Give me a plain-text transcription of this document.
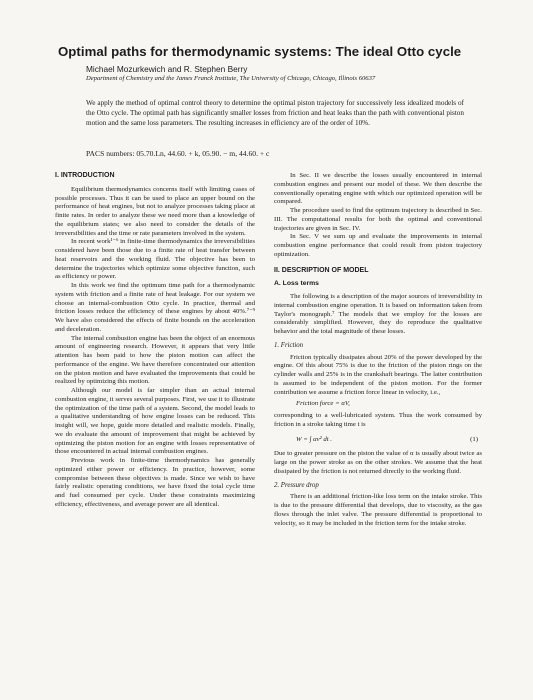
Optimal paths for thermodynamic systems: The ideal Otto cycle
Michael Mozurkewich and R. Stephen Berry
Department of Chemistry and the James Franck Institute, The University of Chicago, Chicago, Illinois 60637
We apply the method of optimal control theory to determine the optimal piston trajectory for successively less idealized models of the Otto cycle. The optimal path has significantly smaller losses from friction and heat leaks than the path with conventional piston motion and the same loss parameters. The resulting increases in efficiency are of the order of 10%.
PACS numbers: 05.70.Ln, 44.60. + k, 05.90. − m, 44.60. + c
I. INTRODUCTION

Equilibrium thermodynamics concerns itself with limiting cases of possible processes. Thus it can be used to place an upper bound on the performance of heat engines, but not to analyze processes taking place at finite rates. In order to analyze these we need more than a knowledge of the equilibrium states; we also need to consider the details of the irreversibilities and the time or rate parameters involved in the system.

In recent work¹⁻⁶ in finite-time thermodynamics the irreversibilities considered have been those due to a finite rate of heat transfer between heat reservoirs and the working fluid. The objective has been to determine the trajectories which optimize some objective function, such as efficiency or power.

In this work we find the optimum time path for a thermodynamic system with friction and a finite rate of heat leakage. For our system we choose an internal-combustion Otto cycle. In practice, thermal and friction losses reduce the efficiency of these engines by about 40%.⁷⁻⁹ We have also considered the effects of finite bounds on the acceleration and deceleration.

The internal combustion engine has been the object of an enormous amount of engineering research. However, it appears that very little attention has been paid to how the piston motion can affect the performance of the engine. We have therefore concentrated our attention on the piston motion and have evaluated the improvements that could be realized by optimizing this motion.

Although our model is far simpler than an actual internal combustion engine, it serves several purposes. First, we use it to illustrate the optimization of the time path of a system. Second, the model leads to a qualitative understanding of how engine losses can be reduced. This insight will, we hope, guide more detailed and realistic models. Finally, we do evaluate the amount of improvement that might be achieved by optimizing the piston motion for an engine with losses representative of those encountered in actual internal combustion engines.

Previous work in finite-time thermodynamics has generally optimized either power or efficiency. In practice, however, some compromise between these objectives is made. Since we wish to have fairly realistic operating conditions, we have fixed the total cycle time and fuel consumed per cycle. Under these constraints maximizing efficiency, effectiveness, and average power are all identical.

In Sec. II we describe the losses usually encountered in internal combustion engines and present our model of these. We then describe the conventionally operating engine with which our optimized operation will be compared.

The procedure used to find the optimum trajectory is described in Sec. III. The computational results for both the optimal and conventional trajectories are given in Sec. IV.

In Sec. V we sum up and evaluate the improvements in internal combustion engine performance that could result from piston trajectory optimization.

II. DESCRIPTION OF MODEL
A. Loss terms

The following is a description of the major sources of irreversibility in internal combustion engine operation. It is based on information taken from Taylor's monograph.⁷ The models that we employ for the losses are considerably simplified. However, they do reproduce the qualitative behavior and the total magnitude of these losses.

1. Friction

Friction typically dissipates about 20% of the power developed by the engine. Of this about 75% is due to the friction of the piston rings on the cylinder walls and 25% is in the crankshaft bearings. The latter contribution is assumed to be independent of the piston motion. For the former contribution we assume a friction force linear in velocity, i.e.,

Friction force = αV,

corresponding to a well-lubricated system. Thus the work consumed by friction in a stroke taking time t is

W = ∫ αv² dt .	(1)

Due to greater pressure on the piston the value of α is usually about twice as large on the power stroke as on the other strokes. We assume that the heat dissipated by the friction is not returned directly to the working fluid.

2. Pressure drop

There is an additional friction-like loss term on the intake stroke. This is due to the pressure differential that develops, due to viscosity, as the gas flows through the inlet valve. The pressure differential is proportional to velocity, so it may be included in the friction term for the intake stroke.
